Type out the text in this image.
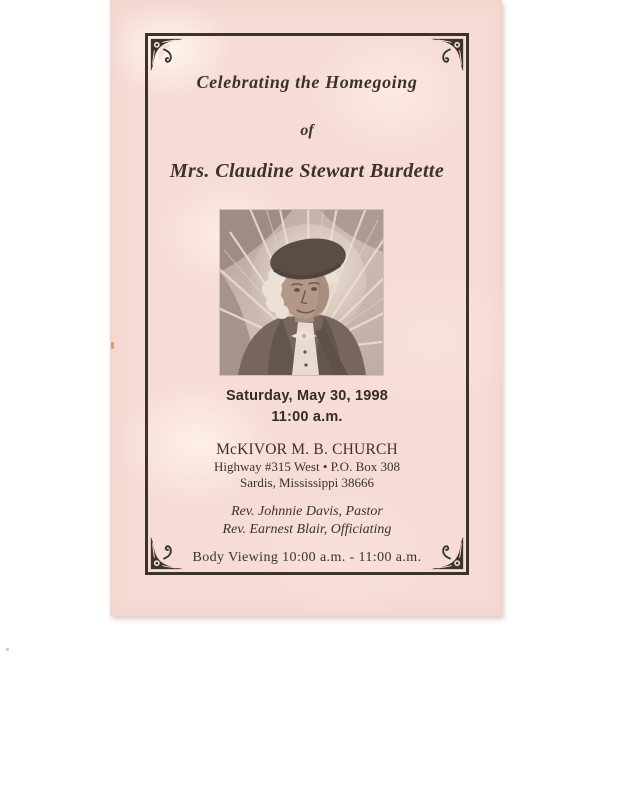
Celebrating the Homegoing
of
Mrs. Claudine Stewart Burdette
Saturday, May 30, 1998
11:00 a.m.
McKIVOR M. B. CHURCH
Highway #315 West • P.O. Box 308
Sardis, Mississippi 38666
Rev. Johnnie Davis, Pastor
Rev. Earnest Blair, Officiating
Body Viewing 10:00 a.m. - 11:00 a.m.
